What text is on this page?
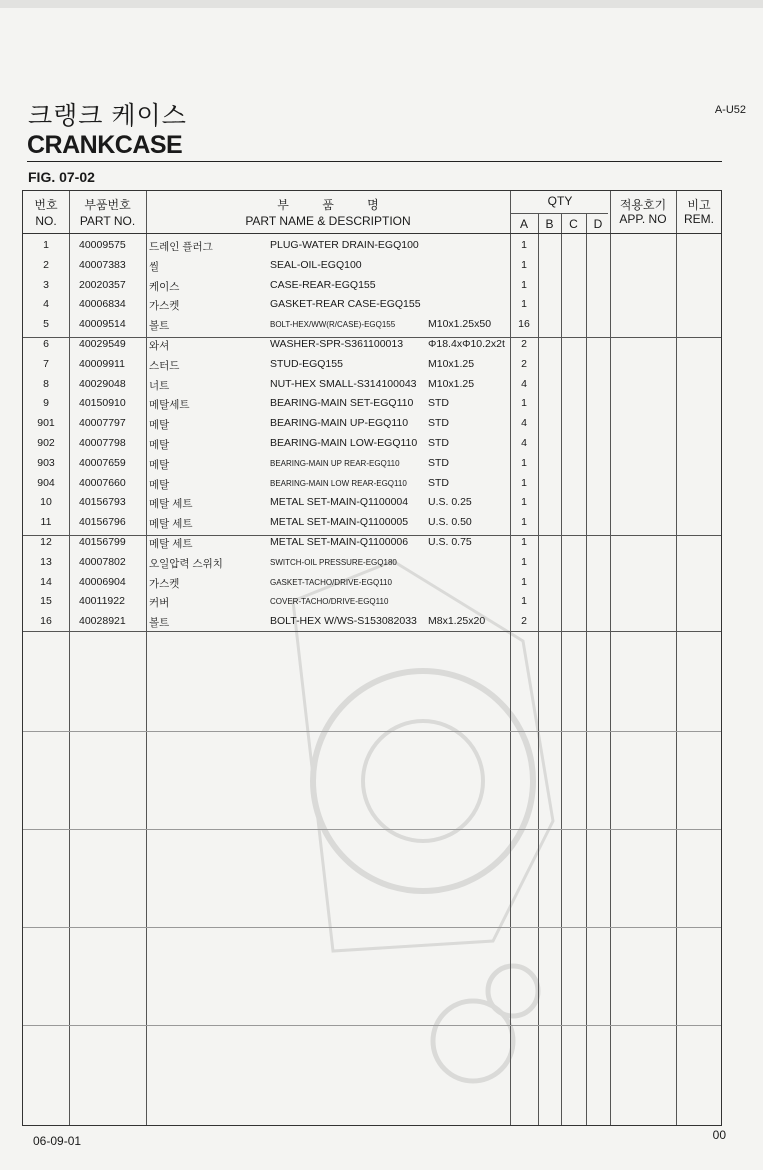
A-U52
크랭크 케이스
CRANKCASE
FIG. 07-02
번호
NO.
부품번호
PART NO.
부 품 명
PART NAME & DESCRIPTION
QTY
A	B	C	D
적용호기
APP. NO
비고
REM.
1	40009575	드레인 플러그	PLUG-WATER DRAIN-EGQ100	1
2	40007383	씰	SEAL-OIL-EGQ100	1
3	20020357	케이스	CASE-REAR-EGQ155	1
4	40006834	가스켓	GASKET-REAR CASE-EGQ155	1
5	40009514	볼트	BOLT-HEX/WW(R/CASE)-EGQ155	M10x1.25x50	16
6	40029549	와셔	WASHER-SPR-S361100013	Φ18.4xΦ10.2x2t	2
7	40009911	스터드	STUD-EGQ155	M10x1.25	2
8	40029048	너트	NUT-HEX SMALL-S314100043	M10x1.25	4
9	40150910	메탈세트	BEARING-MAIN SET-EGQ110	STD	1
901	40007797	메탈	BEARING-MAIN UP-EGQ110	STD	4
902	40007798	메탈	BEARING-MAIN LOW-EGQ110	STD	4
903	40007659	메탈	BEARING-MAIN UP REAR-EGQ110	STD	1
904	40007660	메탈	BEARING-MAIN LOW REAR-EGQ110	STD	1
10	40156793	메탈 세트	METAL SET-MAIN-Q1100004	U.S. 0.25	1
11	40156796	메탈 세트	METAL SET-MAIN-Q1100005	U.S. 0.50	1
12	40156799	메탈 세트	METAL SET-MAIN-Q1100006	U.S. 0.75	1
13	40007802	오일압력 스위치	SWITCH-OIL PRESSURE-EGQ180	1
14	40006904	가스켓	GASKET-TACHO/DRIVE-EGQ110	1
15	40011922	커버	COVER-TACHO/DRIVE-EGQ110	1
16	40028921	볼트	BOLT-HEX W/WS-S153082033	M8x1.25x20	2
06-09-01	00
